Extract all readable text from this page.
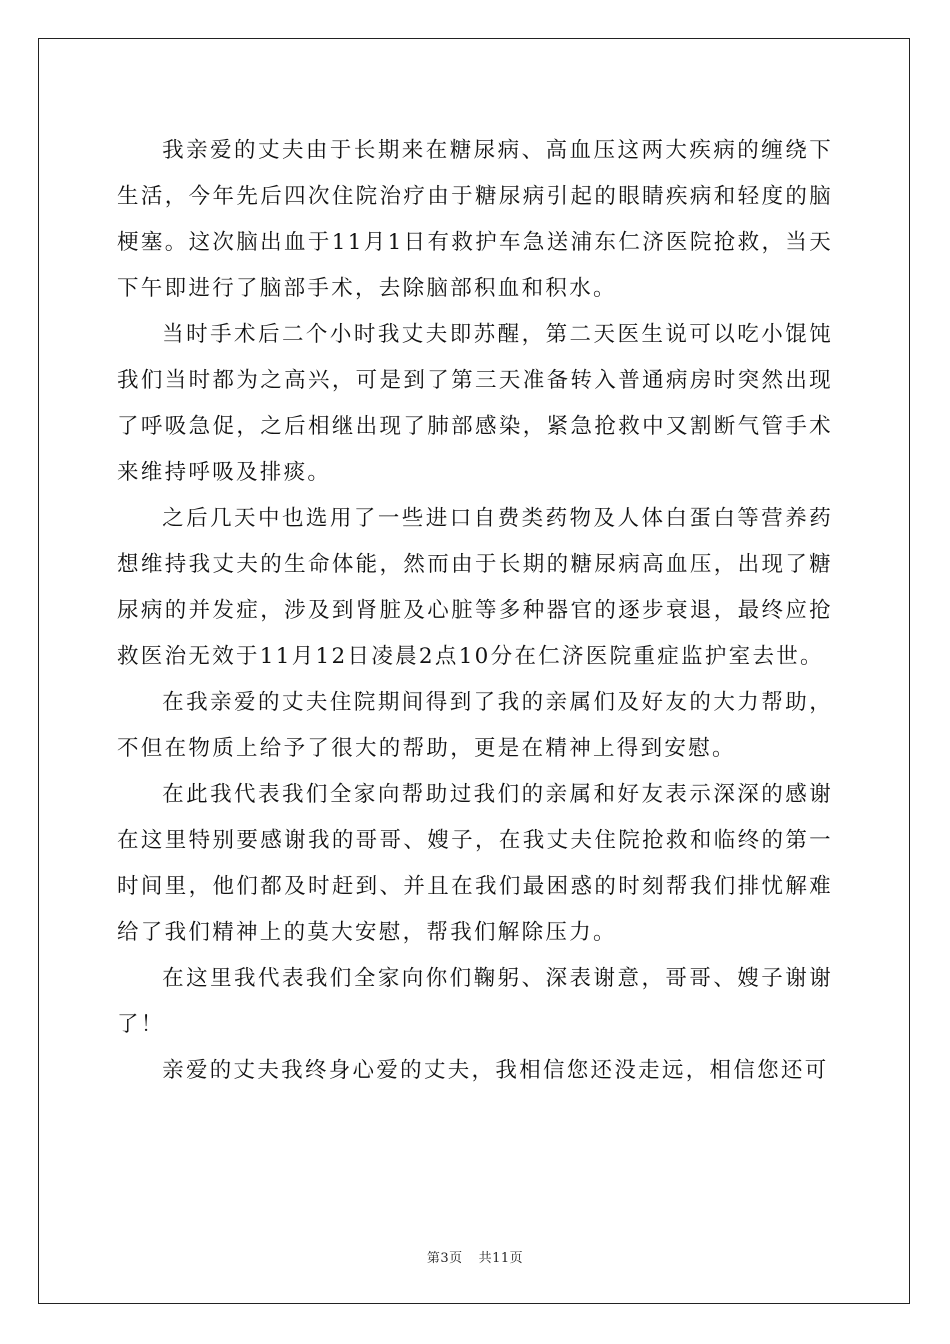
我亲爱的丈夫由于长期来在糖尿病、高血压这两大疾病的缠绕下生活，今年先后四次住院治疗由于糖尿病引起的眼睛疾病和轻度的脑梗塞。这次脑出血于11月1日有救护车急送浦东仁济医院抢救，当天下午即进行了脑部手术，去除脑部积血和积水。

当时手术后二个小时我丈夫即苏醒，第二天医生说可以吃小馄饨我们当时都为之高兴，可是到了第三天准备转入普通病房时突然出现了呼吸急促，之后相继出现了肺部感染，紧急抢救中又割断气管手术来维持呼吸及排痰。

之后几天中也选用了一些进口自费类药物及人体白蛋白等营养药想维持我丈夫的生命体能，然而由于长期的糖尿病高血压，出现了糖尿病的并发症，涉及到肾脏及心脏等多种器官的逐步衰退，最终应抢救医治无效于11月12日凌晨2点10分在仁济医院重症监护室去世。

在我亲爱的丈夫住院期间得到了我的亲属们及好友的大力帮助，不但在物质上给予了很大的帮助，更是在精神上得到安慰。

在此我代表我们全家向帮助过我们的亲属和好友表示深深的感谢在这里特别要感谢我的哥哥、嫂子，在我丈夫住院抢救和临终的第一时间里，他们都及时赶到、并且在我们最困惑的时刻帮我们排忧解难给了我们精神上的莫大安慰，帮我们解除压力。

在这里我代表我们全家向你们鞠躬、深表谢意，哥哥、嫂子谢谢了！

亲爱的丈夫我终身心爱的丈夫，我相信您还没走远，相信您还可

第3页 共11页
